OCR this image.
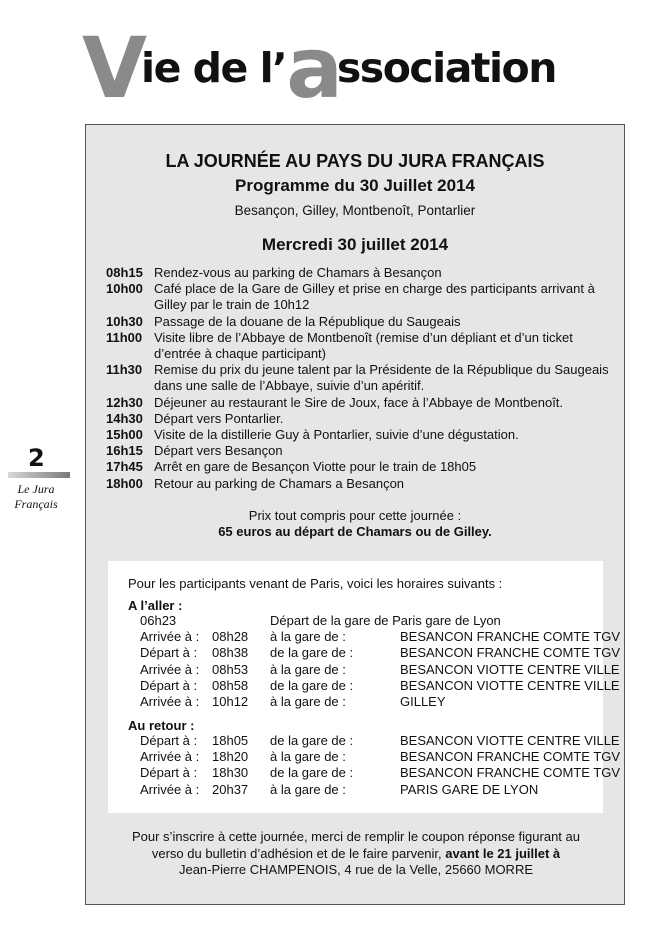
Vie de l’association
2
Le Jura
Français
LA JOURNÉE AU PAYS DU JURA FRANÇAIS
Programme du 30 Juillet 2014
Besançon, Gilley, Montbenoît, Pontarlier
Mercredi 30 juillet 2014
08h15 Rendez-vous au parking de Chamars à Besançon
10h00 Café place de la Gare de Gilley et prise en charge des participants arrivant à Gilley par le train de 10h12
10h30 Passage de la douane de la République du Saugeais
11h00 Visite libre de l’Abbaye de Montbenoît (remise d’un dépliant et d’un ticket d’entrée à chaque participant)
11h30 Remise du prix du jeune talent par la Présidente de la République du Saugeais dans une salle de l’Abbaye, suivie d’un apéritif.
12h30 Déjeuner au restaurant le Sire de Joux, face à l’Abbaye de Montbenoît.
14h30 Départ vers Pontarlier.
15h00 Visite de la distillerie Guy à Pontarlier, suivie d’une dégustation.
16h15 Départ vers Besançon
17h45 Arrêt en gare de Besançon Viotte pour le train de 18h05
18h00 Retour au parking de Chamars a Besançon
Prix tout compris pour cette journée :
65 euros au départ de Chamars ou de Gilley.
Pour les participants venant de Paris, voici les horaires suivants :
A l’aller :
06h23	Départ de la gare de Paris gare de Lyon
Arrivée à : 08h28	à la gare de :	BESANCON FRANCHE COMTE TGV
Départ à :	08h38	de la gare de :	BESANCON FRANCHE COMTE TGV
Arrivée à : 08h53	à la gare de :	BESANCON VIOTTE CENTRE VILLE
Départ à :	08h58	de la gare de :	BESANCON VIOTTE CENTRE VILLE
Arrivée à : 10h12	à la gare de :	GILLEY
Au retour :
Départ à :	18h05	de la gare de :	BESANCON VIOTTE CENTRE VILLE
Arrivée à : 18h20	à la gare de :	BESANCON FRANCHE COMTE TGV
Départ à :	18h30	de la gare de :	BESANCON FRANCHE COMTE TGV
Arrivée à : 20h37	à la gare de :	PARIS GARE DE LYON
Pour s’inscrire à cette journée, merci de remplir le coupon réponse figurant au verso du bulletin d’adhésion et de le faire parvenir, avant le 21 juillet à
Jean-Pierre CHAMPENOIS, 4 rue de la Velle, 25660 MORRE
